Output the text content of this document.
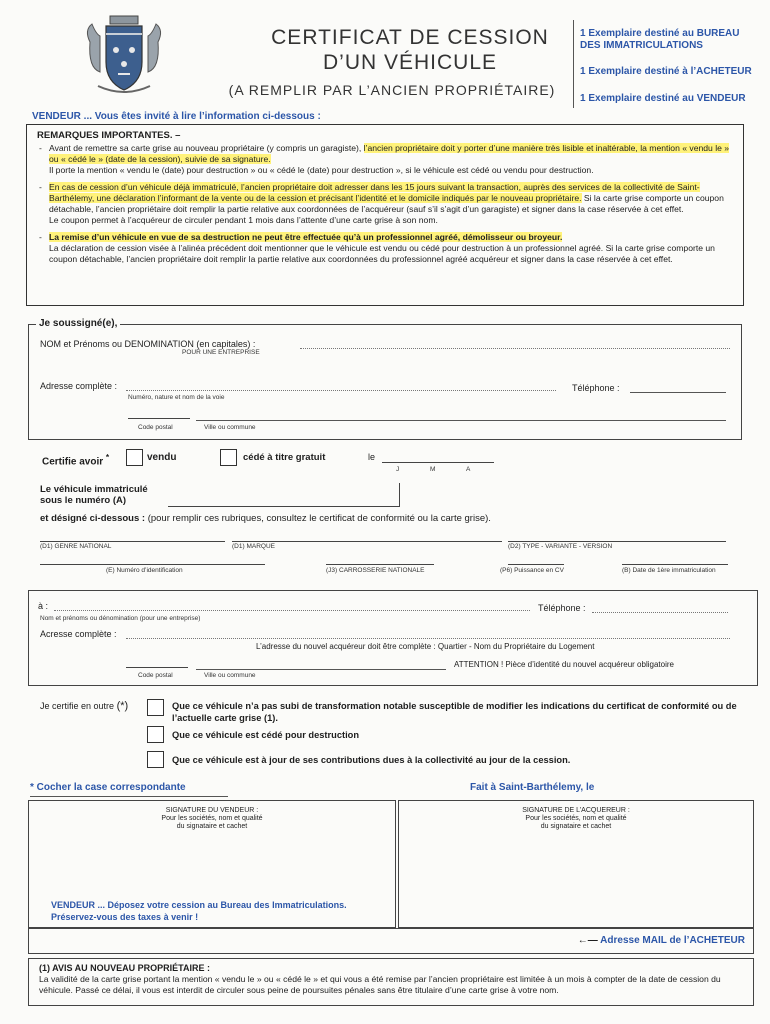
CERTIFICAT DE CESSION
D’UN VÉHICULE
(A REMPLIR PAR L’ANCIEN PROPRIÉTAIRE)
1 Exemplaire destiné au BUREAU DES IMMATRICULATIONS
1 Exemplaire destiné à l’ACHETEUR
1 Exemplaire destiné au VENDEUR
VENDEUR ... Vous êtes invité à lire l’information ci-dessous :
REMARQUES IMPORTANTES. –
- Avant de remettre sa carte grise au nouveau propriétaire (y compris un garagiste), l’ancien propriétaire doit y porter d’une manière très lisible et inaltérable, la mention « vendu le » ou « cédé le » (date de la cession), suivie de sa signature.
Il porte la mention « vendu le (date) pour destruction » ou « cédé le (date) pour destruction », si le véhicule est cédé ou vendu pour destruction.
- En cas de cession d’un véhicule déjà immatriculé, l’ancien propriétaire doit adresser dans les 15 jours suivant la transaction, auprès des services de la collectivité de Saint-Barthélemy, une déclaration l’informant de la vente ou de la cession et précisant l’identité et le domicile indiqués par le nouveau propriétaire. Si la carte grise comporte un coupon détachable, l’ancien propriétaire doit remplir la partie relative aux coordonnées de l’acquéreur (sauf s’il s’agit d’un garagiste) et signer dans la case réservée à cet effet.
Le coupon permet à l’acquéreur de circuler pendant 1 mois dans l’attente d’une carte grise à son nom.
- La remise d’un véhicule en vue de sa destruction ne peut être effectuée qu’à un professionnel agréé, démolisseur ou broyeur.
La déclaration de cession visée à l’alinéa précédent doit mentionner que le véhicule est vendu ou cédé pour destruction à un professionnel agréé. Si la carte grise comporte un coupon détachable, l’ancien propriétaire doit remplir la partie relative aux coordonnées du professionnel agréé acquéreur et signer dans la case réservée à cet effet.
Je soussigné(e),
NOM et Prénoms ou DENOMINATION (en capitales) :
POUR UNE ENTREPRISE
Adresse complète :
Numéro, nature et nom de la voie
Téléphone :
Code postal	Ville ou commune
Certifie avoir *	vendu	cédé à titre gratuit	le
J	M	A
Le véhicule immatriculé
sous le numéro (A)
et désigné ci-dessous : (pour remplir ces rubriques, consultez le certificat de conformité ou la carte grise).
(D1) GENRE NATIONAL	(D1) MARQUE	(D2) TYPE - VARIANTE - VERSION
(E) Numéro d’identification	(J3) CARROSSERIE NATIONALE	(P6) Puissance en CV	(B) Date de 1ère immatriculation
à :
Nom et prénoms ou dénomination (pour une entreprise)
Téléphone :
Acresse complète :
L’adresse du nouvel acquéreur doit être complète : Quartier - Nom du Propriétaire du Logement
ATTENTION ! Pièce d’identité du nouvel acquéreur obligatoire
Code postal	Ville ou commune
Je certifie en outre (*)	Que ce véhicule n’a pas subi de transformation notable susceptible de modifier les indications du certificat de conformité ou de l’actuelle carte grise (1).
Que ce véhicule est cédé pour destruction
Que ce véhicule est à jour de ses contributions dues à la collectivité au jour de la cession.
* Cocher la case correspondante	Fait à Saint-Barthélemy, le
SIGNATURE DU VENDEUR :
Pour les sociétés, nom et qualité
du signataire et cachet
VENDEUR ... Déposez votre cession au Bureau des Immatriculations.
Préservez-vous des taxes à venir !
SIGNATURE DE L’ACQUEREUR :
Pour les sociétés, nom et qualité
du signataire et cachet
←— Adresse MAIL de l’ACHETEUR
(1) AVIS AU NOUVEAU PROPRIÉTAIRE :
La validité de la carte grise portant la mention « vendu le » ou « cédé le » et qui vous a été remise par l’ancien propriétaire est limitée à un mois à compter de la date de cession du véhicule. Passé ce délai, il vous est interdit de circuler sous peine de poursuites pénales sans être titulaire d’une carte grise à votre nom.
